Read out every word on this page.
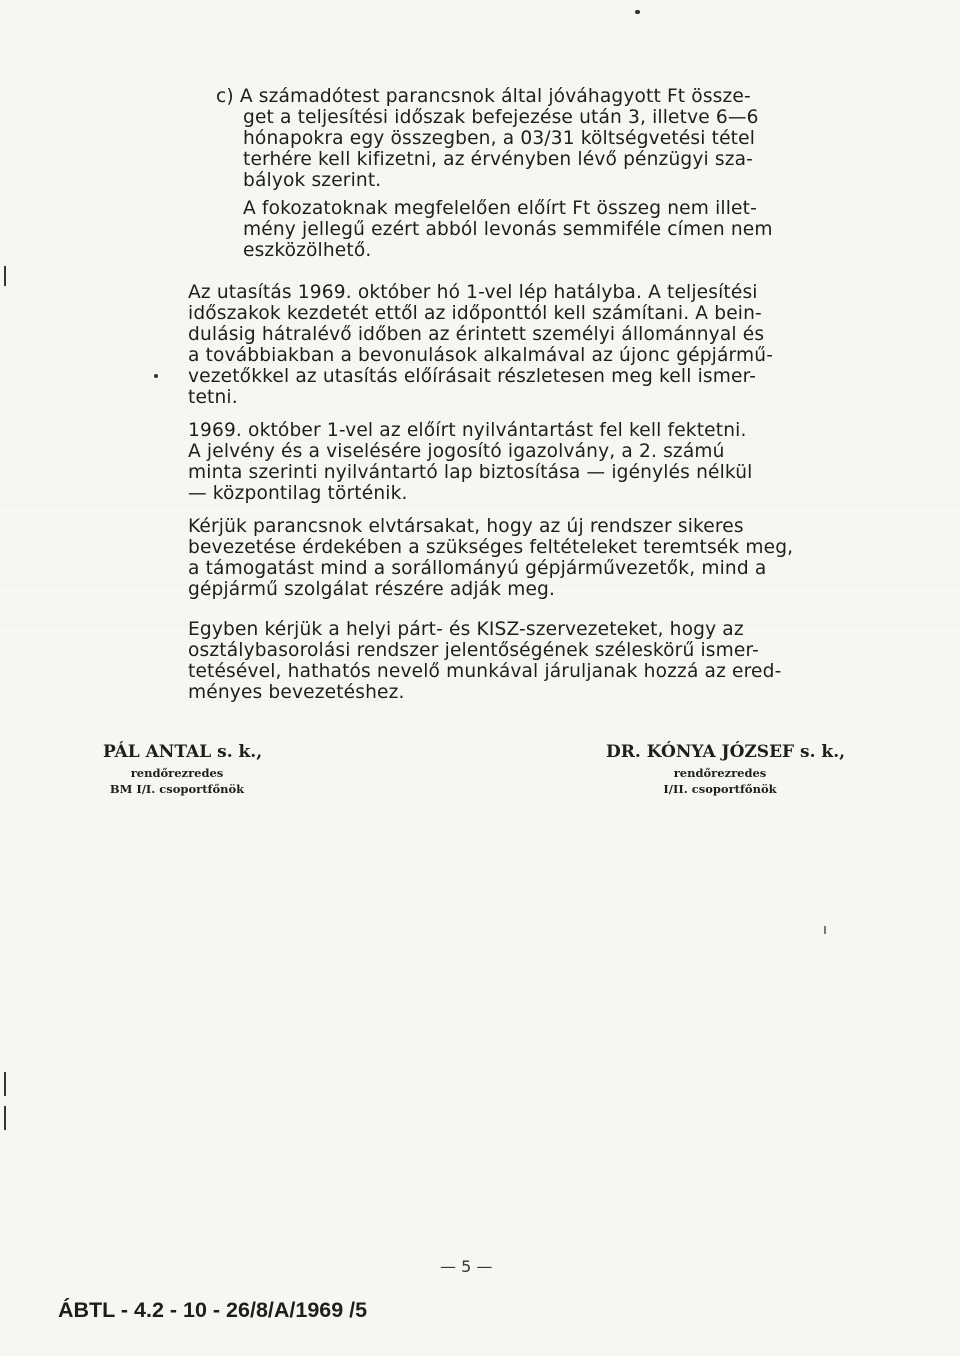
c) A számadótest parancsnok által jóváhagyott Ft össze-
get a teljesítési időszak befejezése után 3, illetve 6—6
hónapokra egy összegben, a 03/31 költségvetési tétel
terhére kell kifizetni, az érvényben lévő pénzügyi sza-
bályok szerint.
A fokozatoknak megfelelően előírt Ft összeg nem illet-
mény jellegű ezért abból levonás semmiféle címen nem
eszközölhető.
Az utasítás 1969. október hó 1-vel lép hatályba. A teljesítési
időszakok kezdetét ettől az időponttól kell számítani. A bein-
dulásig hátralévő időben az érintett személyi állománnyal és
a továbbiakban a bevonulások alkalmával az újonc gépjármű-
vezetőkkel az utasítás előírásait részletesen meg kell ismer-
tetni.
1969. október 1-vel az előírt nyilvántartást fel kell fektetni.
A jelvény és a viselésére jogosító igazolvány, a 2. számú
minta szerinti nyilvántartó lap biztosítása — igénylés nélkül
— központilag történik.
Kérjük parancsnok elvtársakat, hogy az új rendszer sikeres
bevezetése érdekében a szükséges feltételeket teremtsék meg,
a támogatást mind a sorállományú gépjárművezetők, mind a
gépjármű szolgálat részére adják meg.
Egyben kérjük a helyi párt- és KISZ-szervezeteket, hogy az
osztálybasorolási rendszer jelentőségének széleskörű ismer-
tetésével, hathatós nevelő munkával járuljanak hozzá az ered-
ményes bevezetéshez.
PÁL ANTAL s. k.,
rendőrezredes
BM I/I. csoportfőnök
DR. KÓNYA JÓZSEF s. k.,
rendőrezredes
I/II. csoportfőnök
— 5 —
ÁBTL - 4.2 - 10 - 26/8/A/1969 /5
